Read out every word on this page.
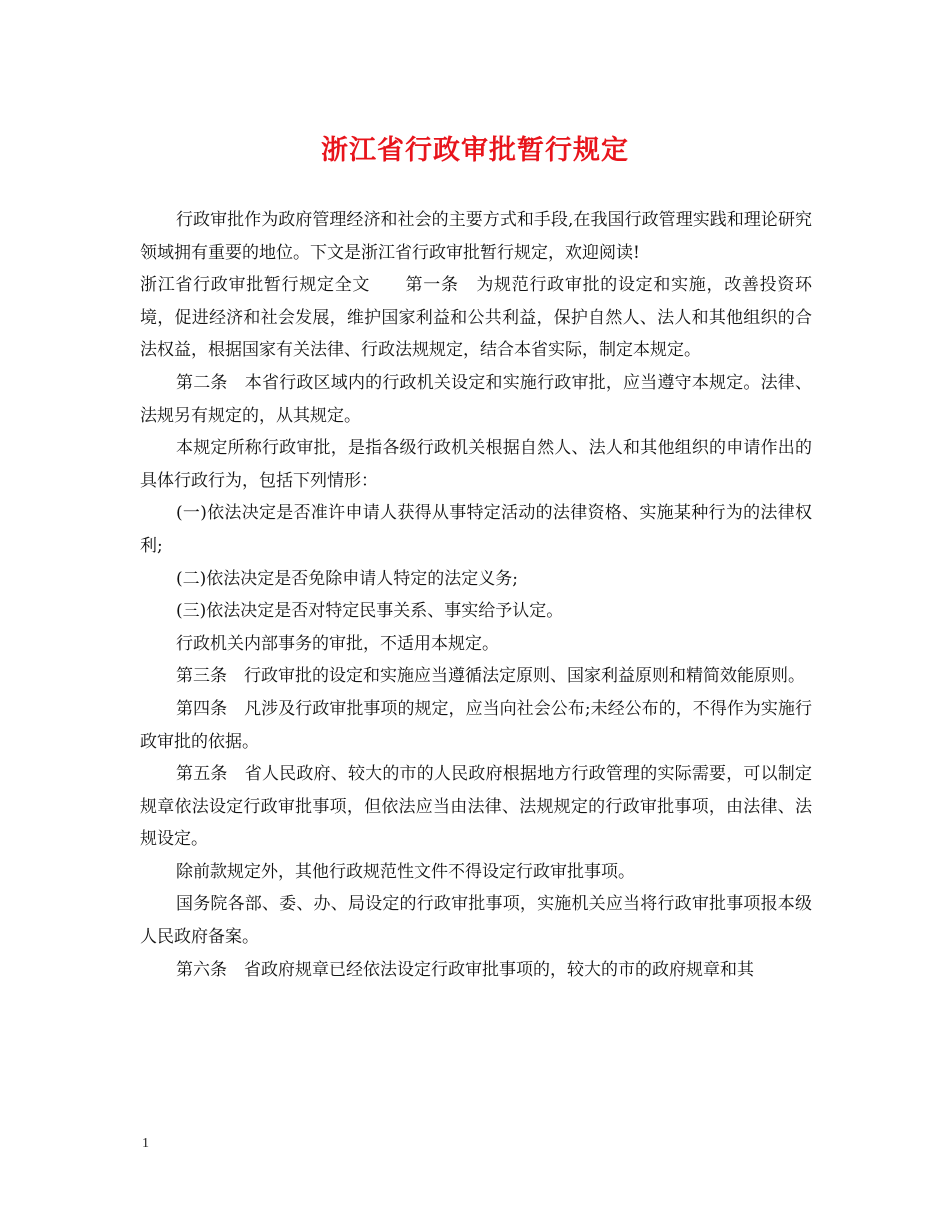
浙江省行政审批暂行规定

行政审批作为政府管理经济和社会的主要方式和手段,在我国行政管理实践和理论研究领域拥有重要的地位。下文是浙江省行政审批暂行规定，欢迎阅读!

浙江省行政审批暂行规定全文　　第一条　为规范行政审批的设定和实施，改善投资环境，促进经济和社会发展，维护国家利益和公共利益，保护自然人、法人和其他组织的合法权益，根据国家有关法律、行政法规规定，结合本省实际，制定本规定。

第二条　本省行政区域内的行政机关设定和实施行政审批，应当遵守本规定。法律、法规另有规定的，从其规定。

本规定所称行政审批，是指各级行政机关根据自然人、法人和其他组织的申请作出的具体行政行为，包括下列情形：

(一)依法决定是否准许申请人获得从事特定活动的法律资格、实施某种行为的法律权利;

(二)依法决定是否免除申请人特定的法定义务;

(三)依法决定是否对特定民事关系、事实给予认定。

行政机关内部事务的审批，不适用本规定。

第三条　行政审批的设定和实施应当遵循法定原则、国家利益原则和精简效能原则。

第四条　凡涉及行政审批事项的规定，应当向社会公布;未经公布的，不得作为实施行政审批的依据。

第五条　省人民政府、较大的市的人民政府根据地方行政管理的实际需要，可以制定规章依法设定行政审批事项，但依法应当由法律、法规规定的行政审批事项，由法律、法规设定。

除前款规定外，其他行政规范性文件不得设定行政审批事项。

国务院各部、委、办、局设定的行政审批事项，实施机关应当将行政审批事项报本级人民政府备案。

第六条　省政府规章已经依法设定行政审批事项的，较大的市的政府规章和其

1
